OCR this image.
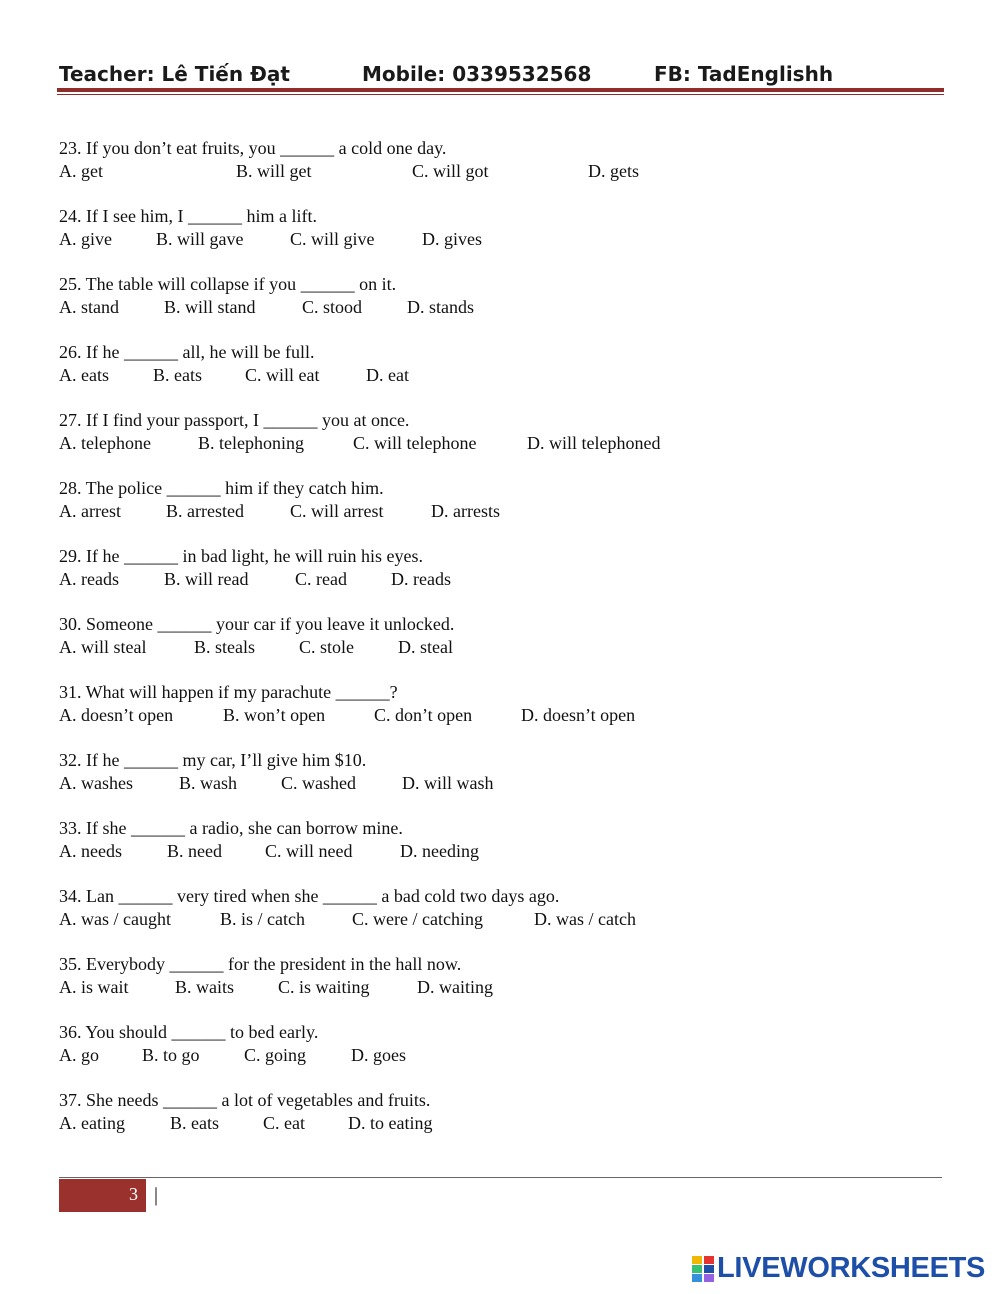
Teacher: Lê Tiến Đạt	Mobile: 0339532568	FB: TadEnglishh
23. If you don’t eat fruits, you ______ a cold one day.
A. get	B. will get	C. will got	D. gets
24. If I see him, I ______ him a lift.
A. give B. will gave	C. will give	D. gives
25. The table will collapse if you ______ on it.
A. stand	B. will stand	C. stood D. stands
26. If he ______ all, he will be full.
A. eats B. eats C. will eat	D. eat
27. If I find your passport, I ______ you at once.
A. telephone	B. telephoning	C. will telephone	D. will telephoned
28. The police ______ him if they catch him.
A. arrest	B. arrested	C. will arrest	D. arrests
29. If he ______ in bad light, he will ruin his eyes.
A. reads	B. will read	C. read D. reads
30. Someone ______ your car if you leave it unlocked.
A. will steal	B. steals C. stole D. steal
31. What will happen if my parachute ______?
A. doesn’t open	B. won’t open	C. don’t open	D. doesn’t open
32. If he ______ my car, I’ll give him $10.
A. washes	B. wash C. washed	D. will wash
33. If she ______ a radio, she can borrow mine.
A. needs	B. need C. will need	D. needing
34. Lan ______ very tired when she ______ a bad cold two days ago.
A. was / caught	B. is / catch	C. were / catching	D. was / catch
35. Everybody ______ for the president in the hall now.
A. is wait	B. waits C. is waiting	D. waiting
36. You should ______ to bed early.
A. go B. to go C. going D. goes
37. She needs ______ a lot of vegetables and fruits.
A. eating	B. eats C. eat D. to eating
3 |
LIVEWORKSHEETS
